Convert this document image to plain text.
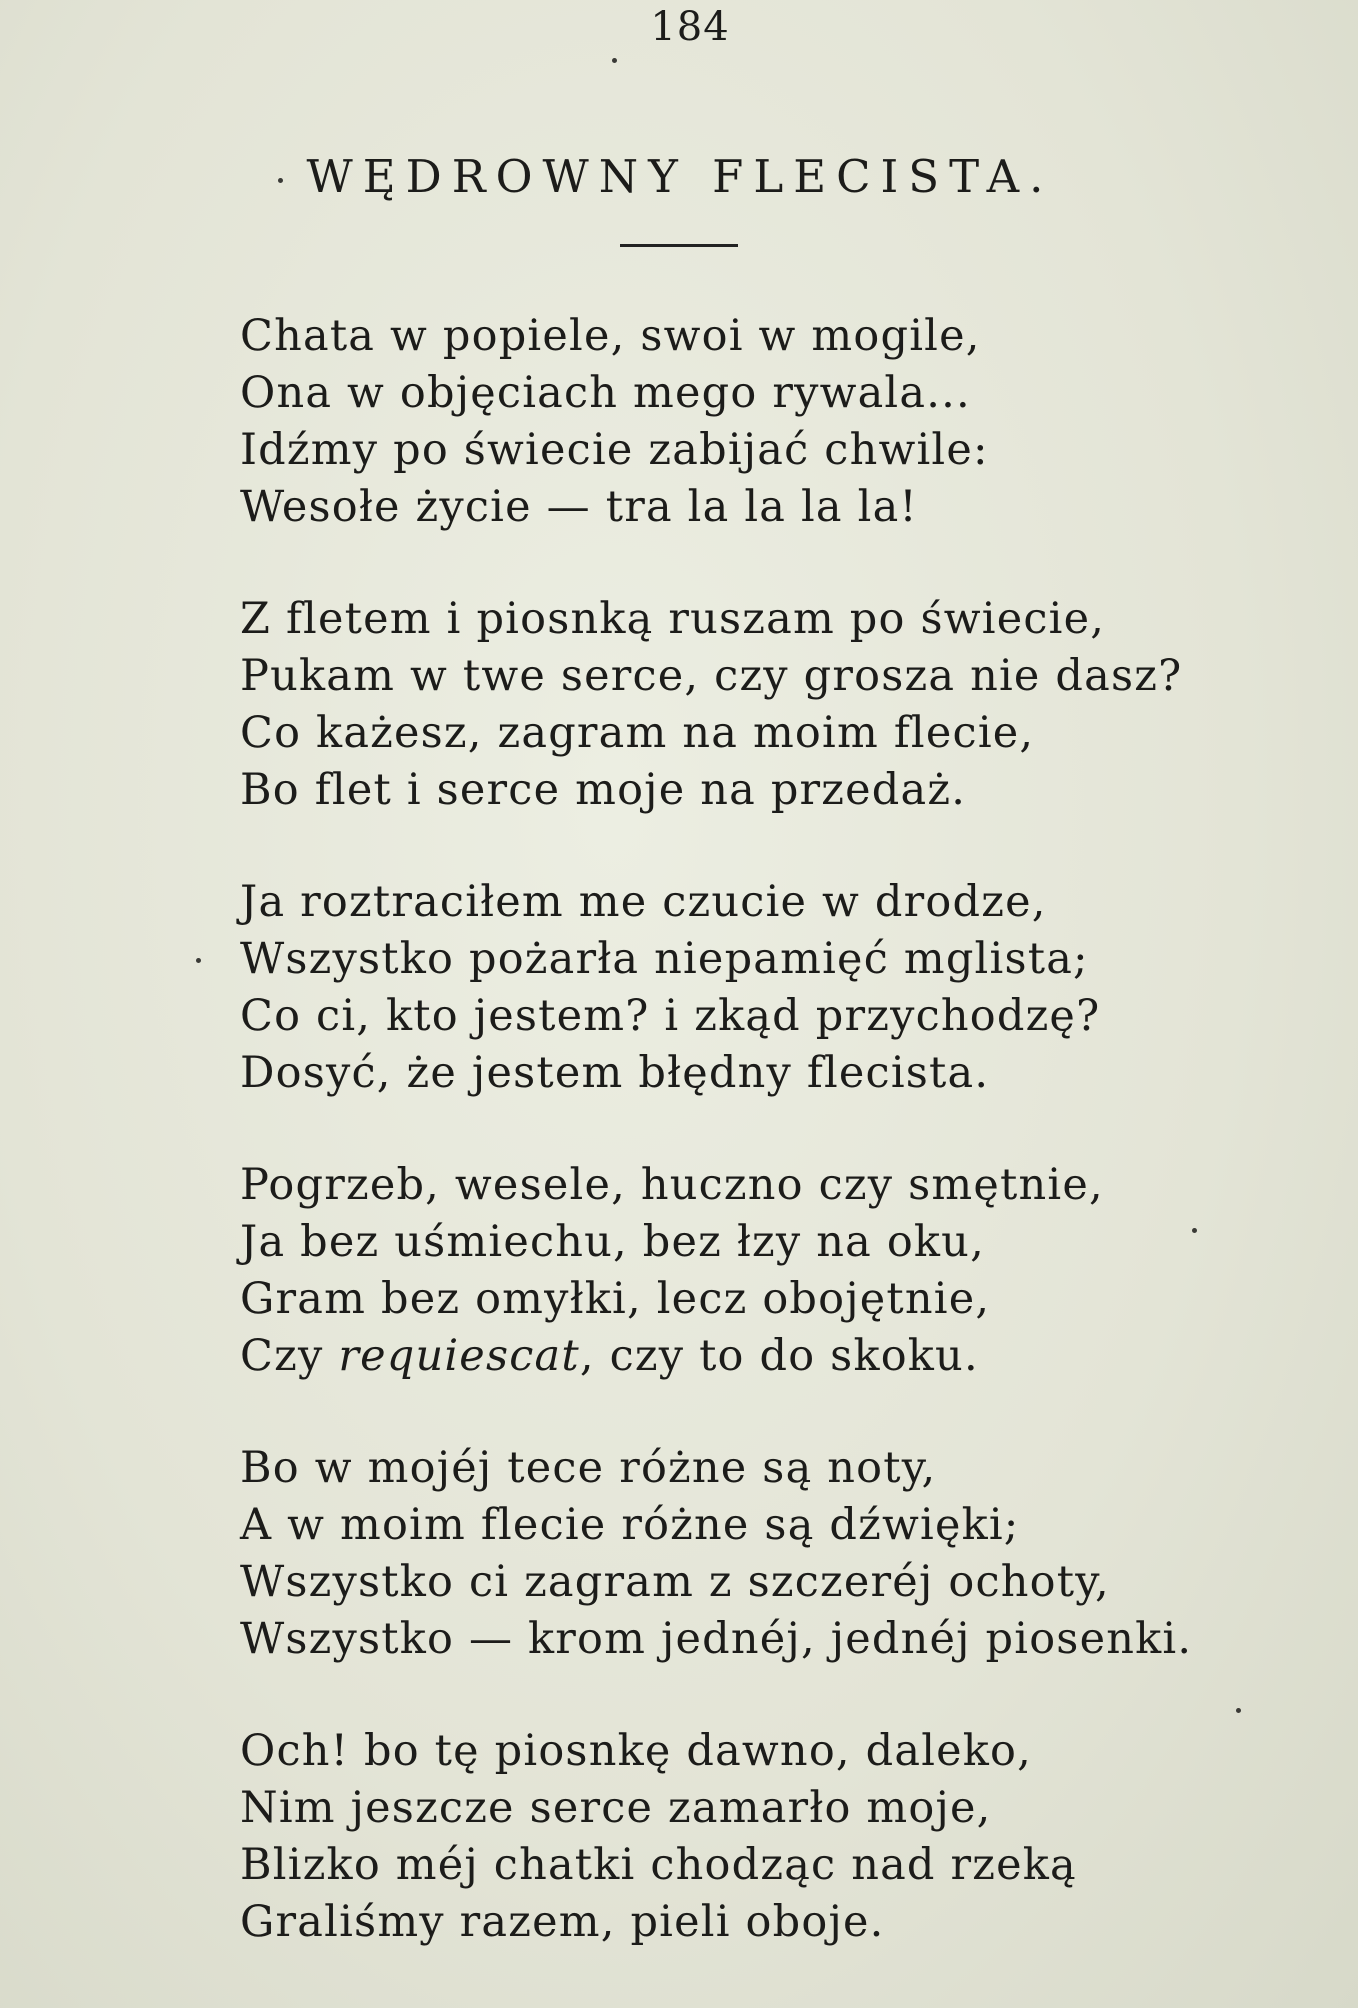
184
WĘDROWNY FLECISTA.
Chata w popiele, swoi w mogile,
Ona w objęciach mego rywala...
Idźmy po świecie zabijać chwile:
Wesołe życie — tra la la la la!
Z fletem i piosnką ruszam po świecie,
Pukam w twe serce, czy grosza nie dasz?
Co każesz, zagram na moim flecie,
Bo flet i serce moje na przedaż.
Ja roztraciłem me czucie w drodze,
Wszystko pożarła niepamięć mglista;
Co ci, kto jestem? i zkąd przychodzę?
Dosyć, że jestem błędny flecista.
Pogrzeb, wesele, huczno czy smętnie,
Ja bez uśmiechu, bez łzy na oku,
Gram bez omyłki, lecz obojętnie,
Czy requiescat, czy to do skoku.
Bo w mojéj tece różne są noty,
A w moim flecie różne są dźwięki;
Wszystko ci zagram z szczeréj ochoty,
Wszystko — krom jednéj, jednéj piosenki.
Och! bo tę piosnkę dawno, daleko,
Nim jeszcze serce zamarło moje,
Blizko méj chatki chodząc nad rzeką
Graliśmy razem, pieli oboje.
